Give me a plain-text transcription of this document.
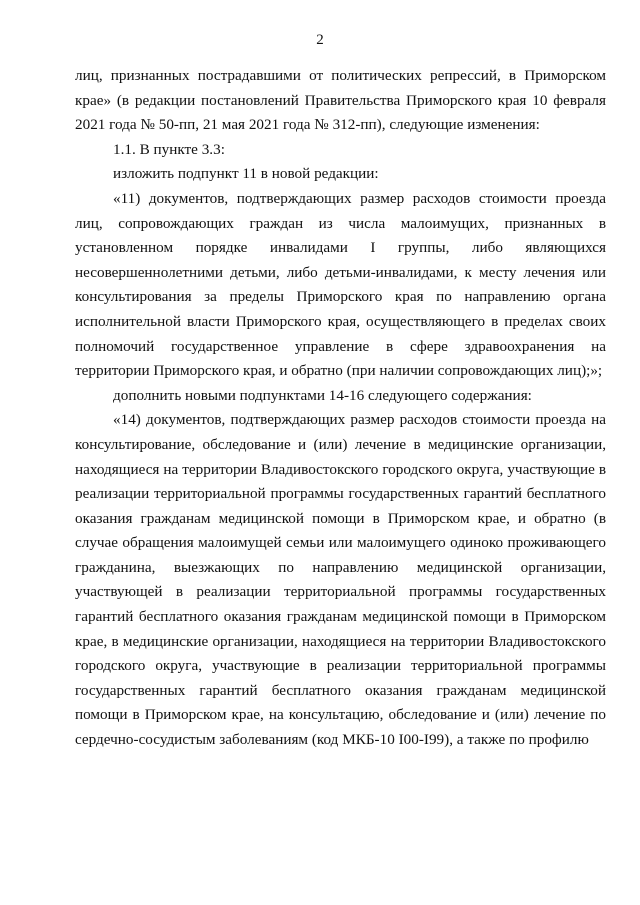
2

лиц, признанных пострадавшими от политических репрессий, в Приморском крае» (в редакции постановлений Правительства Приморского края 10 февраля 2021 года № 50-пп, 21 мая 2021 года № 312-пп), следующие изменения:

1.1. В пункте 3.3:

изложить подпункт 11 в новой редакции:

«11) документов, подтверждающих размер расходов стоимости проезда лиц, сопровождающих граждан из числа малоимущих, признанных в установленном порядке инвалидами I группы, либо являющихся несовершеннолетними детьми, либо детьми-инвалидами, к месту лечения или консультирования за пределы Приморского края по направлению органа исполнительной власти Приморского края, осуществляющего в пределах своих полномочий государственное управление в сфере здравоохранения на территории Приморского края, и обратно (при наличии сопровождающих лиц);»;

дополнить новыми подпунктами 14-16 следующего содержания:

«14) документов, подтверждающих размер расходов стоимости проезда на консультирование, обследование и (или) лечение в медицинские организации, находящиеся на территории Владивостокского городского округа, участвующие в реализации территориальной программы государственных гарантий бесплатного оказания гражданам медицинской помощи в Приморском крае, и обратно (в случае обращения малоимущей семьи или малоимущего одиноко проживающего гражданина, выезжающих по направлению медицинской организации, участвующей в реализации территориальной программы государственных гарантий бесплатного оказания гражданам медицинской помощи в Приморском крае, в медицинские организации, находящиеся на территории Владивостокского городского округа, участвующие в реализации территориальной программы государственных гарантий бесплатного оказания гражданам медицинской помощи в Приморском крае, на консультацию, обследование и (или) лечение по сердечно-сосудистым заболеваниям (код МКБ-10 I00-I99), а также по профилю
